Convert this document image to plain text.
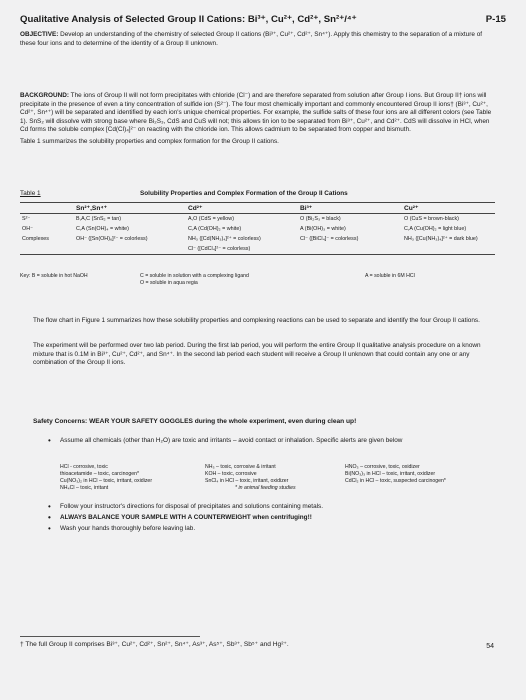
Qualitative Analysis of Selected Group II Cations: Bi³⁺, Cu²⁺, Cd²⁺, Sn²⁺/⁴⁺	P-15
OBJECTIVE: Develop an understanding of the chemistry of selected Group II cations (Bi³⁺, Cu²⁺, Cd²⁺, Sn⁴⁺). Apply this chemistry to the separation of a mixture of these four ions and to determine of the identity of a Group II unknown.
BACKGROUND: The ions of Group II will not form precipitates with chloride (Cl⁻) and are therefore separated from solution after Group I ions. But Group II† ions will precipitate in the presence of even a tiny concentration of sulfide ion (S²⁻). The four most chemically important and commonly encountered Group II ions† (Bi³⁺, Cu²⁺, Cd²⁺, Sn⁴⁺) will be separated and identified by each ion's unique chemical properties. For example, the sulfide salts of these four ions are all different colors (see Table 1). SnS₂ will dissolve with strong base where Bi₂S₃, CdS and CuS will not; this allows tin ion to be separated from Bi³⁺, Cu²⁺, and Cd²⁺. CdS will dissolve in HCl, when Cd forms the soluble complex [Cd(Cl)₄]²⁻ on reacting with the chloride ion. This allows cadmium to be separated from copper and bismuth.
Table 1 summarizes the solubility properties and complex formation for the Group II cations.
Table 1	Solubility Properties and Complex Formation of the Group II Cations
	Sn²⁺,Sn⁴⁺	Cd²⁺	Bi³⁺	Cu²⁺
S²⁻	B,A,C (SnS₂ = tan)	A,O (CdS = yellow)	O (Bi₂S₃ = black)	O (CuS = brown-black)
OH⁻	C,A (Sn(OH)₄ = white)	C,A (Cd(OH)₂ = white)	A (Bi(OH)₃ = white)	C,A (Cu(OH)₂ = light blue)
Complexes	OH⁻ ([Sn(OH)₆]²⁻ = colorless)	NH₃ ([Cd(NH₃)₄]²⁺ = colorless)	Cl⁻ ([BiCl₄]⁻ = colorless)	NH₃ ([Cu(NH₃)₄]²⁺ = dark blue)
		Cl⁻ ([CdCl₄]²⁻ = colorless)		
Key: B = soluble in hot NaOH	C = soluble in solution with a complexing ligand
O = soluble in aqua regia
A = soluble in 6M HCl
The flow chart in Figure 1 summarizes how these solubility properties and complexing reactions can be used to separate and identify the four Group II cations.
The experiment will be performed over two lab period. During the first lab period, you will perform the entire Group II qualitative analysis procedure on a known mixture that is 0.1M in Bi³⁺, Cu²⁺, Cd²⁺, and Sn⁴⁺. In the second lab period each student will receive a Group II unknown that could contain any one or any combination of the Group II ions.
Safety Concerns: WEAR YOUR SAFETY GOGGLES during the whole experiment, even during clean up!
• Assume all chemicals (other than H₂O) are toxic and irritants – avoid contact or inhalation. Specific alerts are given below
HCl - corrosive, toxic
thioacetamide – toxic, carcinogen*
Cu(NO₃)₂ in HCl – toxic, irritant, oxidizer
NH₄Cl – toxic, irritant
NH₃ – toxic, corrosive & irritant
KOH – toxic, corrosive
SnCl₄ in HCl – toxic, irritant, oxidizer
* in animal feeding studies
HNO₃ – corrosive, toxic, oxidizer
Bi(NO₃)₃ in HCl – toxic, irritant, oxidizer
CdCl₂ in HCl – toxic, suspected carcinogen*
• Follow your instructor's directions for disposal of precipitates and solutions containing metals.
• ALWAYS BALANCE YOUR SAMPLE WITH A COUNTERWEIGHT when centrifuging!!
• Wash your hands thoroughly before leaving lab.
† The full Group II comprises Bi³⁺, Cu²⁺, Cd²⁺, Sn²⁺, Sn⁴⁺, As³⁺, As⁵⁺, Sb³⁺, Sb⁵⁺ and Hg²⁺.	54
